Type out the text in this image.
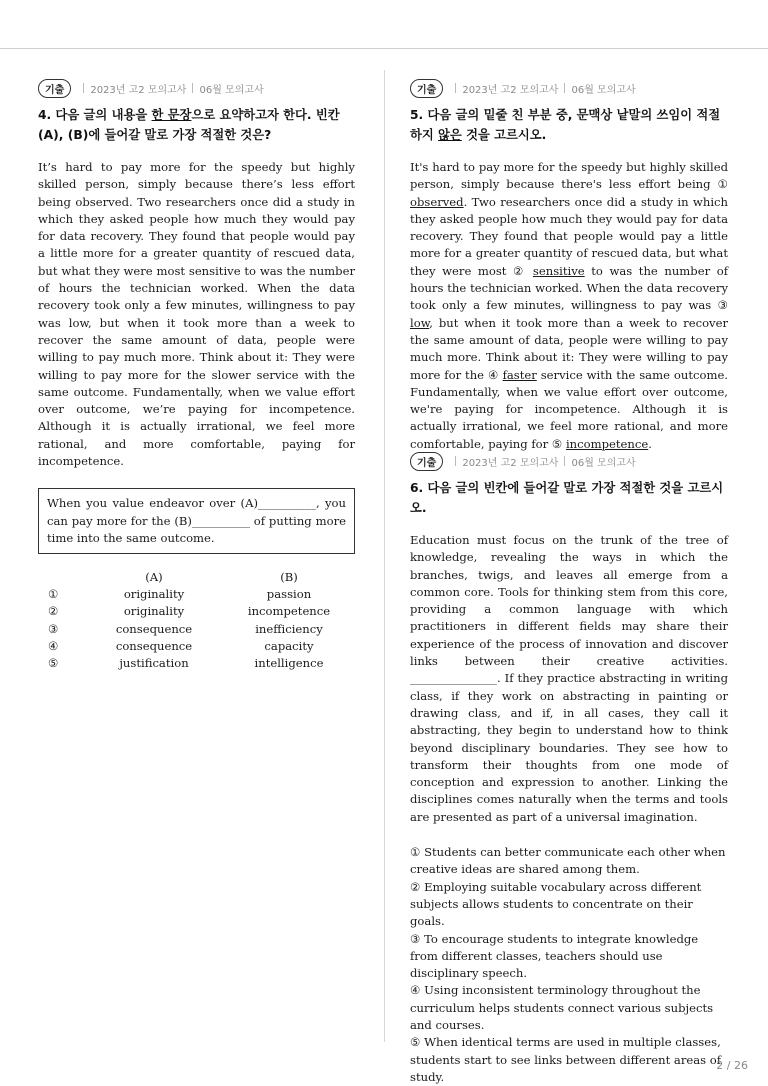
기출	2023년 고2 모의고사 06월 모의고사
4. 다음 글의 내용을 한 문장으로 요약하고자 한다. 빈칸 (A), (B)에 들어갈 말로 가장 적절한 것은?

It’s hard to pay more for the speedy but highly skilled person, simply because there’s less effort being observed. Two researchers once did a study in which they asked people how much they would pay for data recovery. They found that people would pay a little more for a greater quantity of rescued data, but what they were most sensitive to was the number of hours the technician worked. When the data recovery took only a few minutes, willingness to pay was low, but when it took more than a week to recover the same amount of data, people were willing to pay much more. Think about it: They were willing to pay more for the slower service with the same outcome. Fundamentally, when we value effort over outcome, we’re paying for incompetence. Although it is actually irrational, we feel more rational, and more comfortable, paying for incompetence.

When you value endeavor over (A)__________, you can pay more for the (B)__________ of putting more time into the same outcome.
	(A)	(B)
①	originality	passion
②	originality	incompetence
③	consequence	inefficiency
④	consequence	capacity
⑤	justification	intelligence
기출	2023년 고2 모의고사 06월 모의고사
5. 다음 글의 밑줄 친 부분 중, 문맥상 낱말의 쓰임이 적절하지 않은 것을 고르시오.

It's hard to pay more for the speedy but highly skilled person, simply because there's less effort being ① observed. Two researchers once did a study in which they asked people how much they would pay for data recovery. They found that people would pay a little more for a greater quantity of rescued data, but what they were most ② sensitive to was the number of hours the technician worked. When the data recovery took only a few minutes, willingness to pay was ③ low, but when it took more than a week to recover the same amount of data, people were willing to pay much more. Think about it: They were willing to pay more for the ④ faster service with the same outcome. Fundamentally, when we value effort over outcome, we're paying for incompetence. Although it is actually irrational, we feel more rational, and more comfortable, paying for ⑤ incompetence.

기출	2023년 고2 모의고사 06월 모의고사
6. 다음 글의 빈칸에 들어갈 말로 가장 적절한 것을 고르시오.

Education must focus on the trunk of the tree of knowledge, revealing the ways in which the branches, twigs, and leaves all emerge from a common core. Tools for thinking stem from this core, providing a common language with which practitioners in different fields may share their experience of the process of innovation and discover links between their creative activities. _______________. If they practice abstracting in writing class, if they work on abstracting in painting or drawing class, and if, in all cases, they call it abstracting, they begin to understand how to think beyond disciplinary boundaries. They see how to transform their thoughts from one mode of conception and expression to another. Linking the disciplines comes naturally when the terms and tools are presented as part of a universal imagination.

① Students can better communicate each other when creative ideas are shared among them.

② Employing suitable vocabulary across different subjects allows students to concentrate on their goals.

③ To encourage students to integrate knowledge from different classes, teachers should use disciplinary speech.

④ Using inconsistent terminology throughout the curriculum helps students connect various subjects and courses.

⑤ When identical terms are used in multiple classes, students start to see links between different areas of study.

2 / 26
